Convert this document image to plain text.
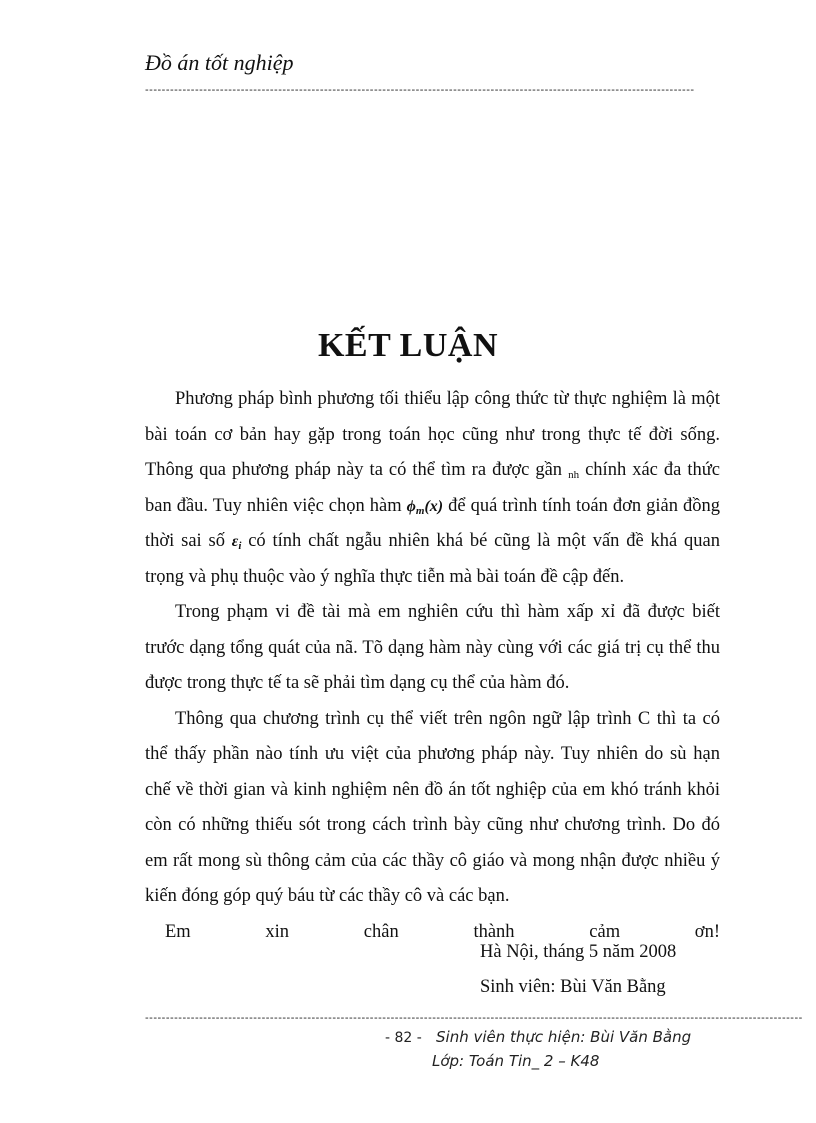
Đồ án tốt nghiệp
------------------------------------------------------------------------------------------------------------------------------------
KẾT LUẬN
Phương pháp bình phương tối thiểu lập công thức từ thực nghiệm là một
bài toán cơ bản hay gặp trong toán học cũng như trong thực tế đời sống.
Thông qua phương pháp này ta có thể tìm ra được gần $_{nh}$ chính xác đa thức
ban đầu. Tuy nhiên việc chọn hàm $\phi_m(x)$ để quá trình tính toán đơn giản đồng
thời sai số $\varepsilon_i$ có tính chất ngẫu nhiên khá bé cũng là một vấn đề khá quan
trọng và phụ thuộc vào ý nghĩa thực tiễn mà bài toán đề cập đến.
Trong phạm vi đề tài mà em nghiên cứu thì hàm xấp xỉ đã được biết
trước dạng tổng quát của nã. Tõ dạng hàm này cùng với các giá trị cụ thể thu
được trong thực tế ta sẽ phải tìm dạng cụ thể của hàm đó.
Thông qua chương trình cụ thể viết trên ngôn ngữ lập trình C thì ta có
thể thấy phần nào tính ưu việt của phương pháp này. Tuy nhiên do sù hạn
chế về thời gian và kinh nghiệm nên đồ án tốt nghiệp của em khó tránh khỏi
còn có những thiếu sót trong cách trình bày cũng như chương trình. Do đó
em rất mong sù thông cảm của các thầy cô giáo và mong nhận được nhiều ý
kiến đóng góp quý báu từ các thầy cô và các bạn.
Em	xin	chân	thành	cảm	ơn!
Hà Nội, tháng 5 năm 2008
Sinh viên: Bùi Văn Bằng
--------------------------------------------------------------------------------------------------------------------------------------------------------------
- 82 - Sinh viên thực hiện: Bùi Văn Bằng
Lớp: Toán Tin_ 2 – K48
